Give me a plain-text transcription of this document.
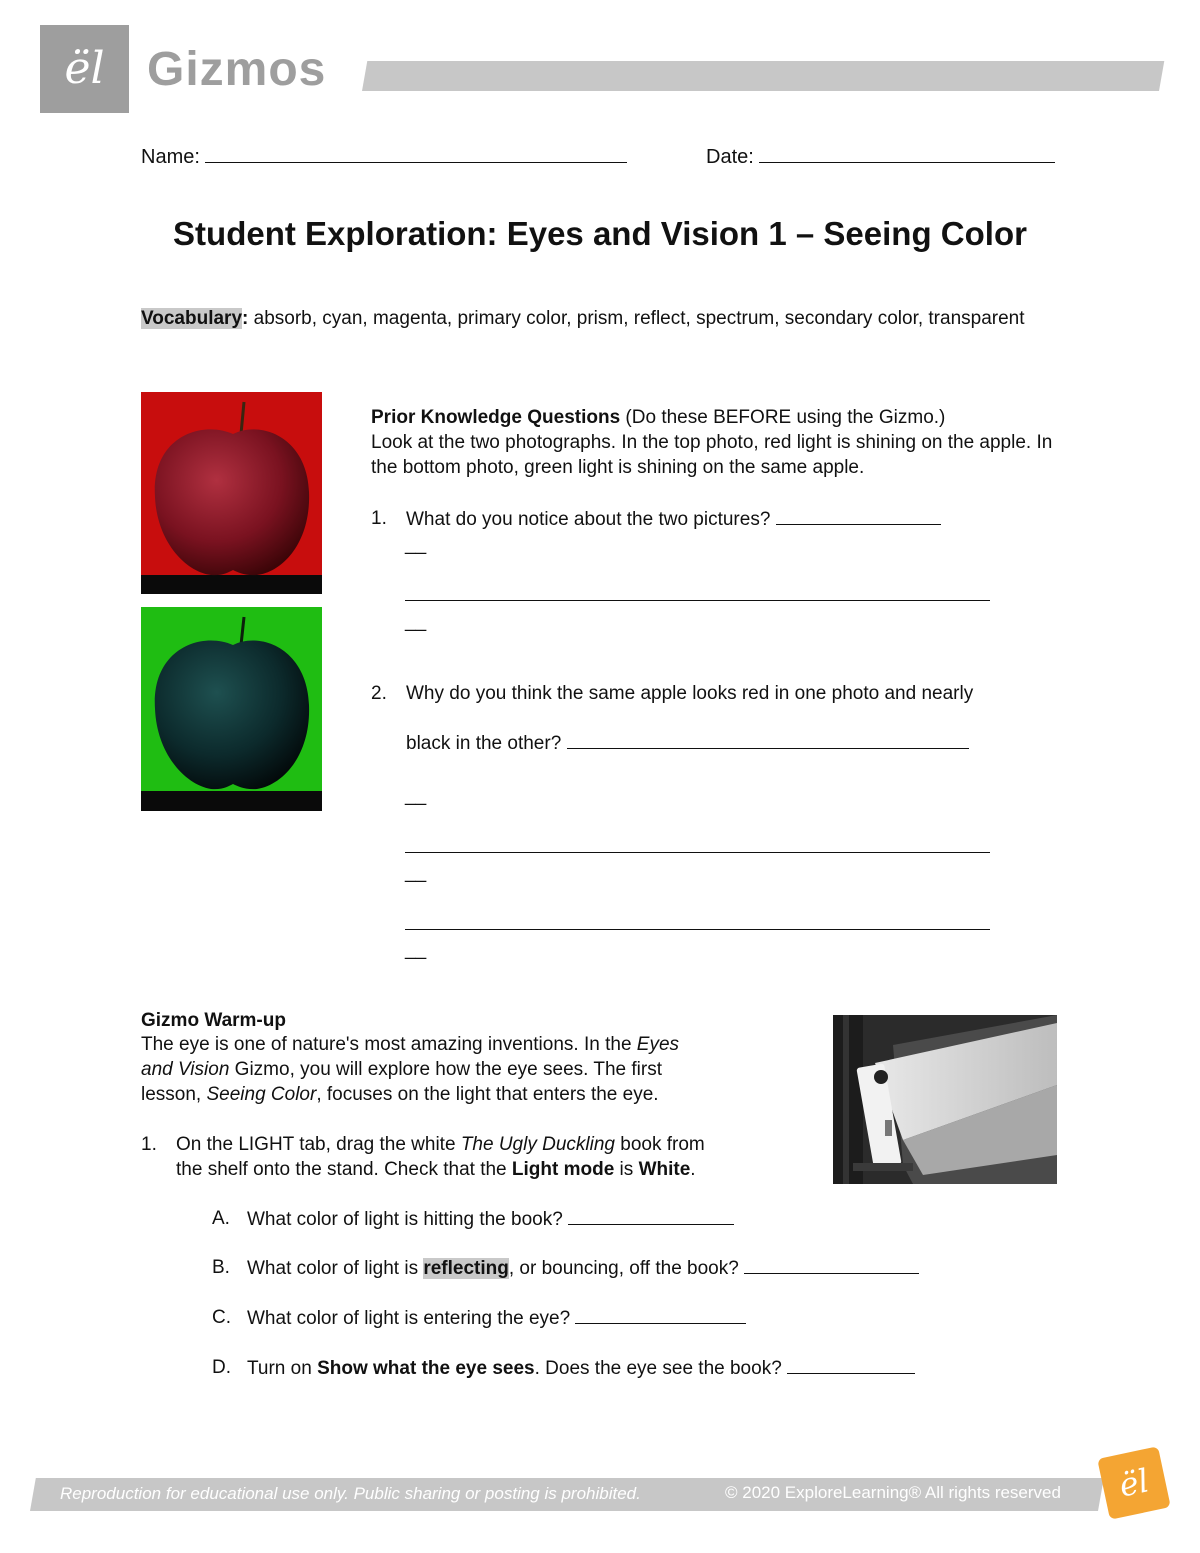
ël Gizmos
Name:	Date:
Student Exploration: Eyes and Vision 1 – Seeing Color
Vocabulary: absorb, cyan, magenta, primary color, prism, reflect, spectrum, secondary color, transparent
Prior Knowledge Questions (Do these BEFORE using the Gizmo.)
Look at the two photographs. In the top photo, red light is shining on the apple. In the bottom photo, green light is shining on the same apple.
1. What do you notice about the two pictures?
__
__
2. Why do you think the same apple looks red in one photo and nearly
black in the other?
__
__
__
Gizmo Warm-up
The eye is one of nature's most amazing inventions. In the Eyes
and Vision Gizmo, you will explore how the eye sees. The first
lesson, Seeing Color, focuses on the light that enters the eye.
1. On the LIGHT tab, drag the white The Ugly Duckling book from
the shelf onto the stand. Check that the Light mode is White.
A. What color of light is hitting the book?
B. What color of light is reflecting, or bouncing, off the book?
C. What color of light is entering the eye?
D. Turn on Show what the eye sees. Does the eye see the book?
Reproduction for educational use only. Public sharing or posting is prohibited.	© 2020 ExploreLearning® All rights reserved	ël
